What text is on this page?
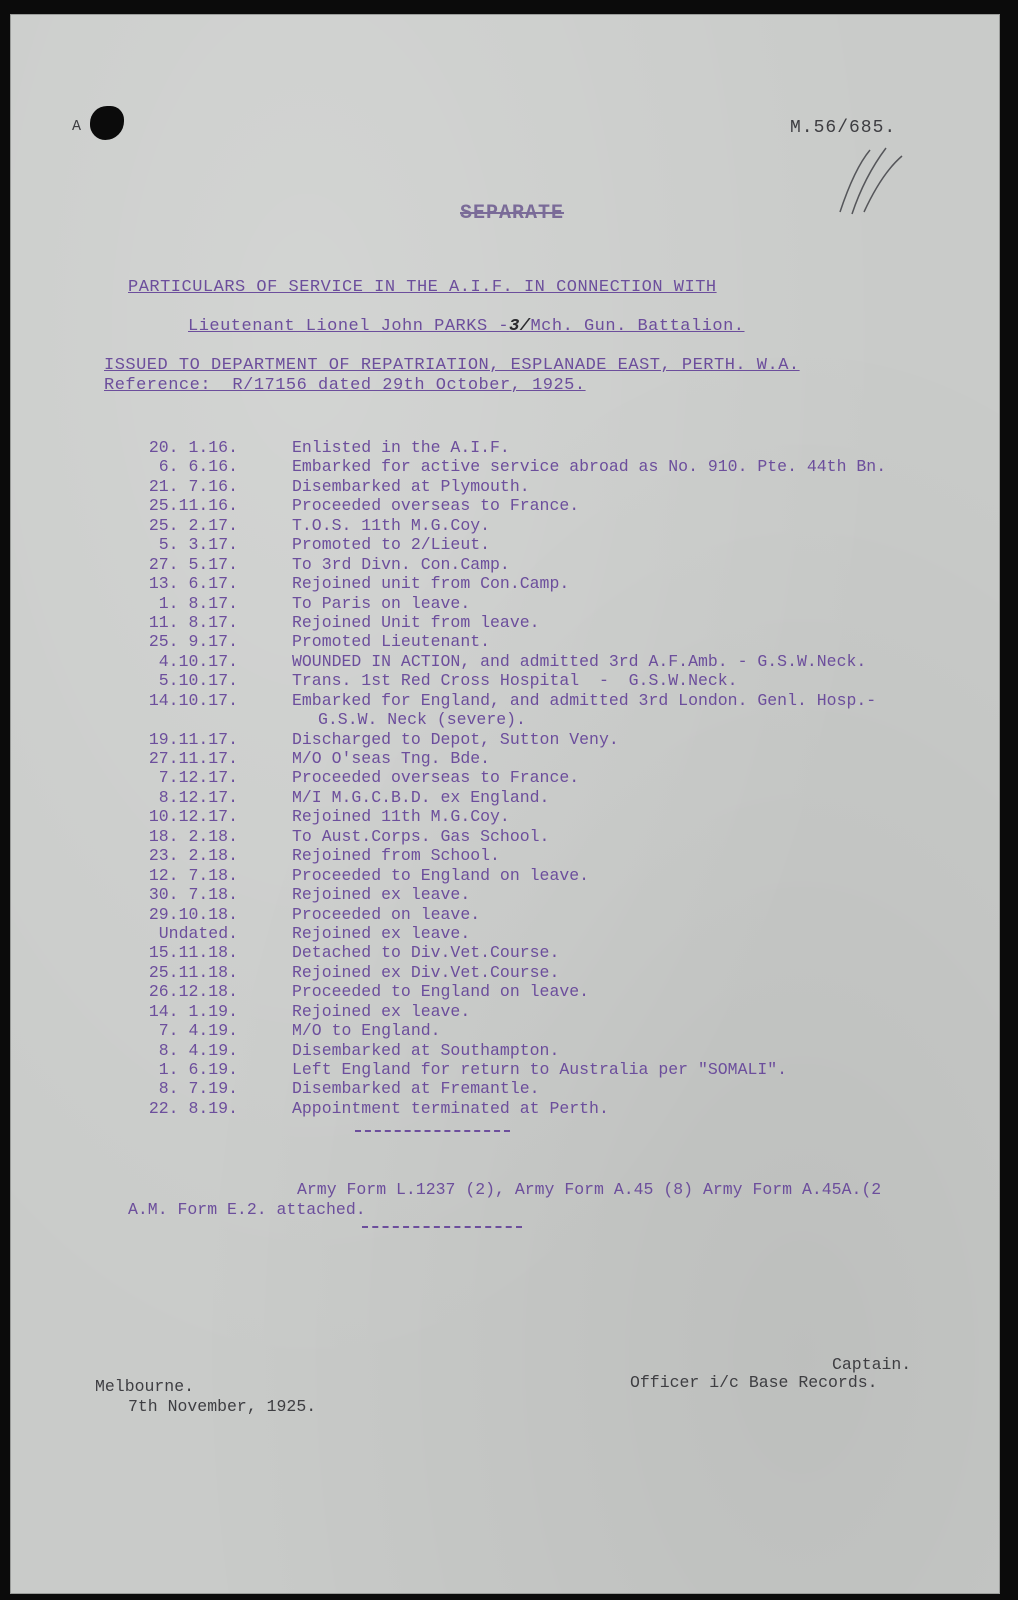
A	M.56/685.
SEPARATE
PARTICULARS OF SERVICE IN THE A.I.F. IN CONNECTION WITH
Lieutenant Lionel John PARKS -3/Mch. Gun. Battalion.
ISSUED TO DEPARTMENT OF REPATRIATION, ESPLANADE EAST, PERTH. W.A.
Reference:  R/17156 dated 29th October, 1925.
20. 1.16.	Enlisted in the A.I.F.
6. 6.16.	Embarked for active service abroad as No. 910. Pte. 44th Bn.
21. 7.16.	Disembarked at Plymouth.
25.11.16.	Proceeded overseas to France.
25. 2.17.	T.O.S. 11th M.G.Coy.
5. 3.17.	Promoted to 2/Lieut.
27. 5.17.	To 3rd Divn. Con.Camp.
13. 6.17.	Rejoined unit from Con.Camp.
1. 8.17.	To Paris on leave.
11. 8.17.	Rejoined Unit from leave.
25. 9.17.	Promoted Lieutenant.
4.10.17.	WOUNDED IN ACTION, and admitted 3rd A.F.Amb. - G.S.W.Neck.
5.10.17.	Trans. 1st Red Cross Hospital  -  G.S.W.Neck.
14.10.17.	Embarked for England, and admitted 3rd London. Genl. Hosp.-
G.S.W. Neck (severe).
19.11.17.	Discharged to Depot, Sutton Veny.
27.11.17.	M/O O'seas Tng. Bde.
7.12.17.	Proceeded overseas to France.
8.12.17.	M/I M.G.C.B.D. ex England.
10.12.17.	Rejoined 11th M.G.Coy.
18. 2.18.	To Aust.Corps. Gas School.
23. 2.18.	Rejoined from School.
12. 7.18.	Proceeded to England on leave.
30. 7.18.	Rejoined ex leave.
29.10.18.	Proceeded on leave.
Undated.	Rejoined ex leave.
15.11.18.	Detached to Div.Vet.Course.
25.11.18.	Rejoined ex Div.Vet.Course.
26.12.18.	Proceeded to England on leave.
14. 1.19.	Rejoined ex leave.
7. 4.19.	M/O to England.
8. 4.19.	Disembarked at Southampton.
1. 6.19.	Left England for return to Australia per "SOMALI".
8. 7.19.	Disembarked at Fremantle.
22. 8.19.	Appointment terminated at Perth.
Army Form L.1237 (2), Army Form A.45 (8) Army Form A.45A.(2
A.M. Form E.2. attached.
Captain.
Officer i/c Base Records.
Melbourne.
7th November, 1925.
